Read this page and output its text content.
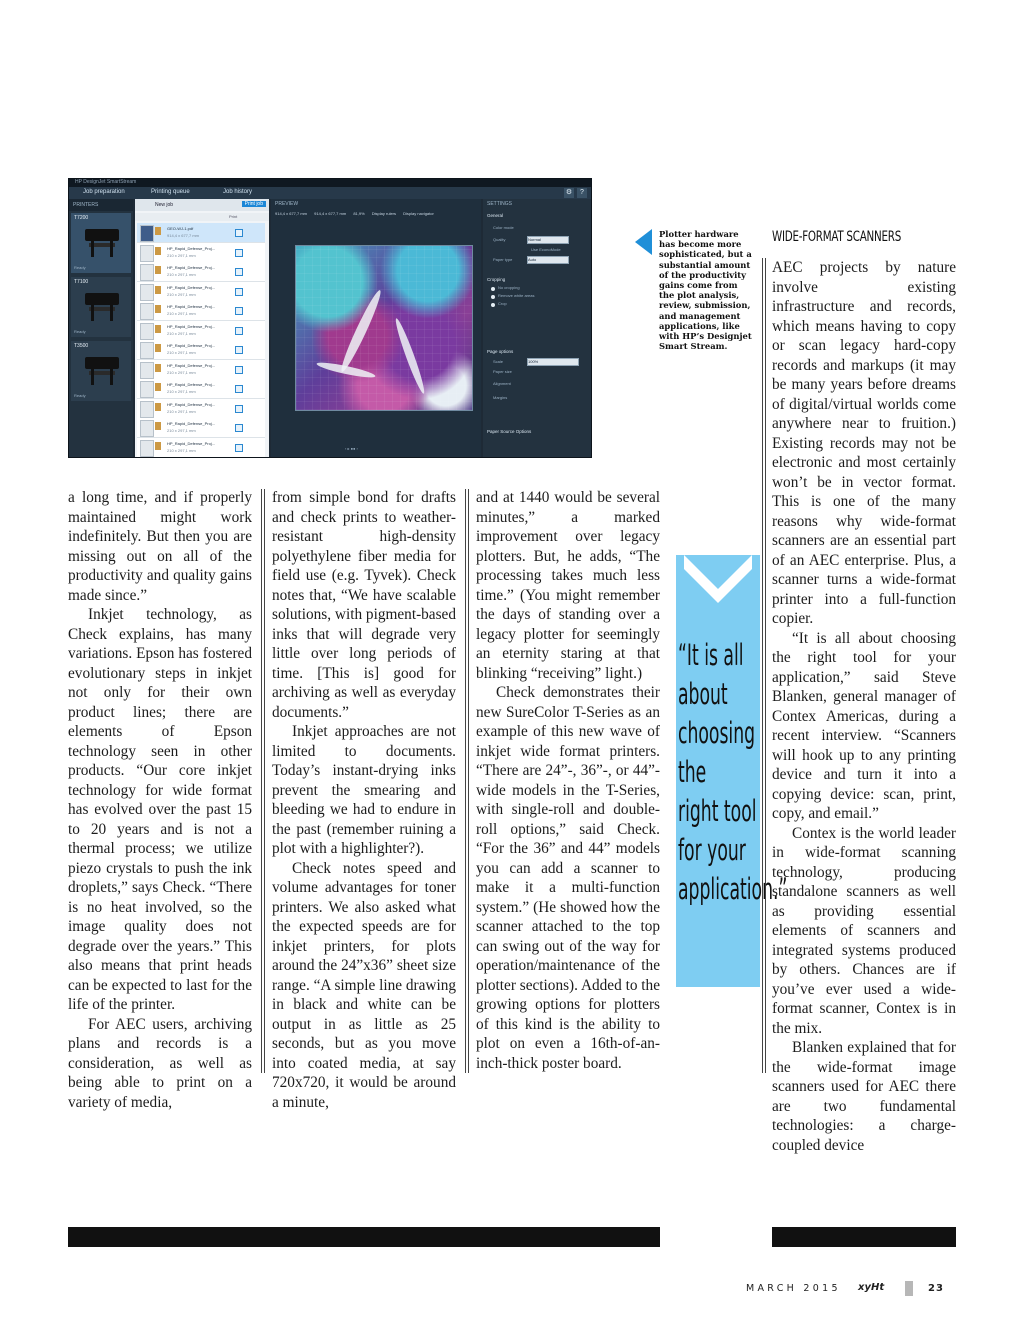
HP DesignJet SmartStream
Job preparation	Printing queue	Job history	⚙	?
PRINTERS
T7200
Ready
T7100
Ready
T3500
Ready
New job	Print job
Print
GEO-WJ-1.pdf
914,4 x 677,7 mm
HP_Rapid_Defense_Proj...
210 x 297,1 mm
HP_Rapid_Defense_Proj...
210 x 297,1 mm
HP_Rapid_Defense_Proj...
210 x 297,1 mm
HP_Rapid_Defense_Proj...
210 x 297,1 mm
HP_Rapid_Defense_Proj...
210 x 297,1 mm
HP_Rapid_Defense_Proj...
210 x 297,1 mm
HP_Rapid_Defense_Proj...
210 x 297,1 mm
HP_Rapid_Defense_Proj...
210 x 297,1 mm
HP_Rapid_Defense_Proj...
210 x 297,1 mm
HP_Rapid_Defense_Proj...
210 x 297,1 mm
HP_Rapid_Defense_Proj...
210 x 297,1 mm
PREVIEW
914,4 x 677,7 mm 914,4 x 677,7 mm 81,9% Display rulers Display navigator
‹ ▸ ●● ›
SETTINGS
General
Color mode
Quality	Normal
Use EconoMode
Paper type	Auto
Cropping
No cropping
Remove white areas
Crop
Page options
Scale	100%
Paper size
Alignment
Margins
Paper Source Options
Plotter hardware has become more sophisticated, but a substantial amount of the productivity gains come from the plot analysis, review, submission, and management applications, like with HP’s Designjet Smart Stream.
WIDE-FORMAT SCANNERS

a long time, and if properly maintained might work indefinitely. But then you are missing out on all of the productivity and quality gains made since.”

Inkjet technology, as Check explains, has many variations. Epson has fostered evolutionary steps in inkjet not only for their own product lines; there are elements of Epson technology seen in other products. “Our core inkjet technology for wide format has evolved over the past 15 to 20 years and is not a thermal process; we utilize piezo crystals to push the ink droplets,” says Check. “There is no heat involved, so the image quality does not degrade over the years.” This also means that print heads can be expected to last for the life of the printer.

For AEC users, archiving plans and records is a consideration, as well as being able to print on a variety of media,

from simple bond for drafts and check prints to weather-resistant high-density polyethylene fiber media for field use (e.g. Tyvek). Check notes that, “We have scalable solutions, with pigment-based inks that will degrade very little over long periods of time. [This is] good for archiving as well as everyday documents.”

Inkjet approaches are not limited to documents. Today’s instant-drying inks prevent the smearing and bleeding we had to endure in the past (remember ruining a plot with a highlighter?).

Check notes speed and volume advantages for toner printers. We also asked what the expected speeds are for inkjet printers, for plots around the 24”x36” sheet size range. “A simple line drawing in black and white can be output in as little as 25 seconds, but as you move into coated media, at say 720x720, it would be around a minute,

and at 1440 would be several minutes,” a marked improvement over legacy plotters. But, he adds, “The processing takes much less time.” (You might remember the days of standing over a legacy plotter for seemingly an eternity staring at that blinking “receiving” light.)

Check demonstrates their new SureColor T-Series as an example of this new wave of inkjet wide format printers. “There are 24”-, 36”-, or 44”-wide models in the T-Series, with single-roll and double-roll options,” said Check. “For the 36” and 44” models you can add a scanner to make it a multi-function system.” (He showed how the scanner attached to the top can swing out of the way for operation/maintenance of the plotter sections). Added to the growing options for plotters of this kind is the ability to plot on even a 16th-of-an-inch-thick poster board.

“It is all
about
choosing
the
right tool
for your
application.”

AEC projects by nature involve existing infrastructure and records, which means having to copy or scan legacy hard-copy records and markups (it may be many years before dreams of digital/virtual worlds come anywhere near to fruition.) Existing records may not be electronic and most certainly won’t be in vector format. This is one of the many reasons why wide-format scanners are an essential part of an AEC enterprise. Plus, a scanner turns a wide-format printer into a full-function copier.

“It is all about choosing the right tool for your application,” said Steve Blanken, general manager of Contex Americas, during a recent interview. “Scanners will hook up to any printing device and turn it into a copying device: scan, print, copy, and email.”

Contex is the world leader in wide-format scanning technology, producing standalone scanners as well as providing essential elements of scanners and integrated systems produced by others. Chances are if you’ve ever used a wide-format scanner, Contex is in the mix.

Blanken explained that for the wide-format image scanners used for AEC there are two fundamental technologies: a charge-coupled device

MARCH 2015 xyHt	23
